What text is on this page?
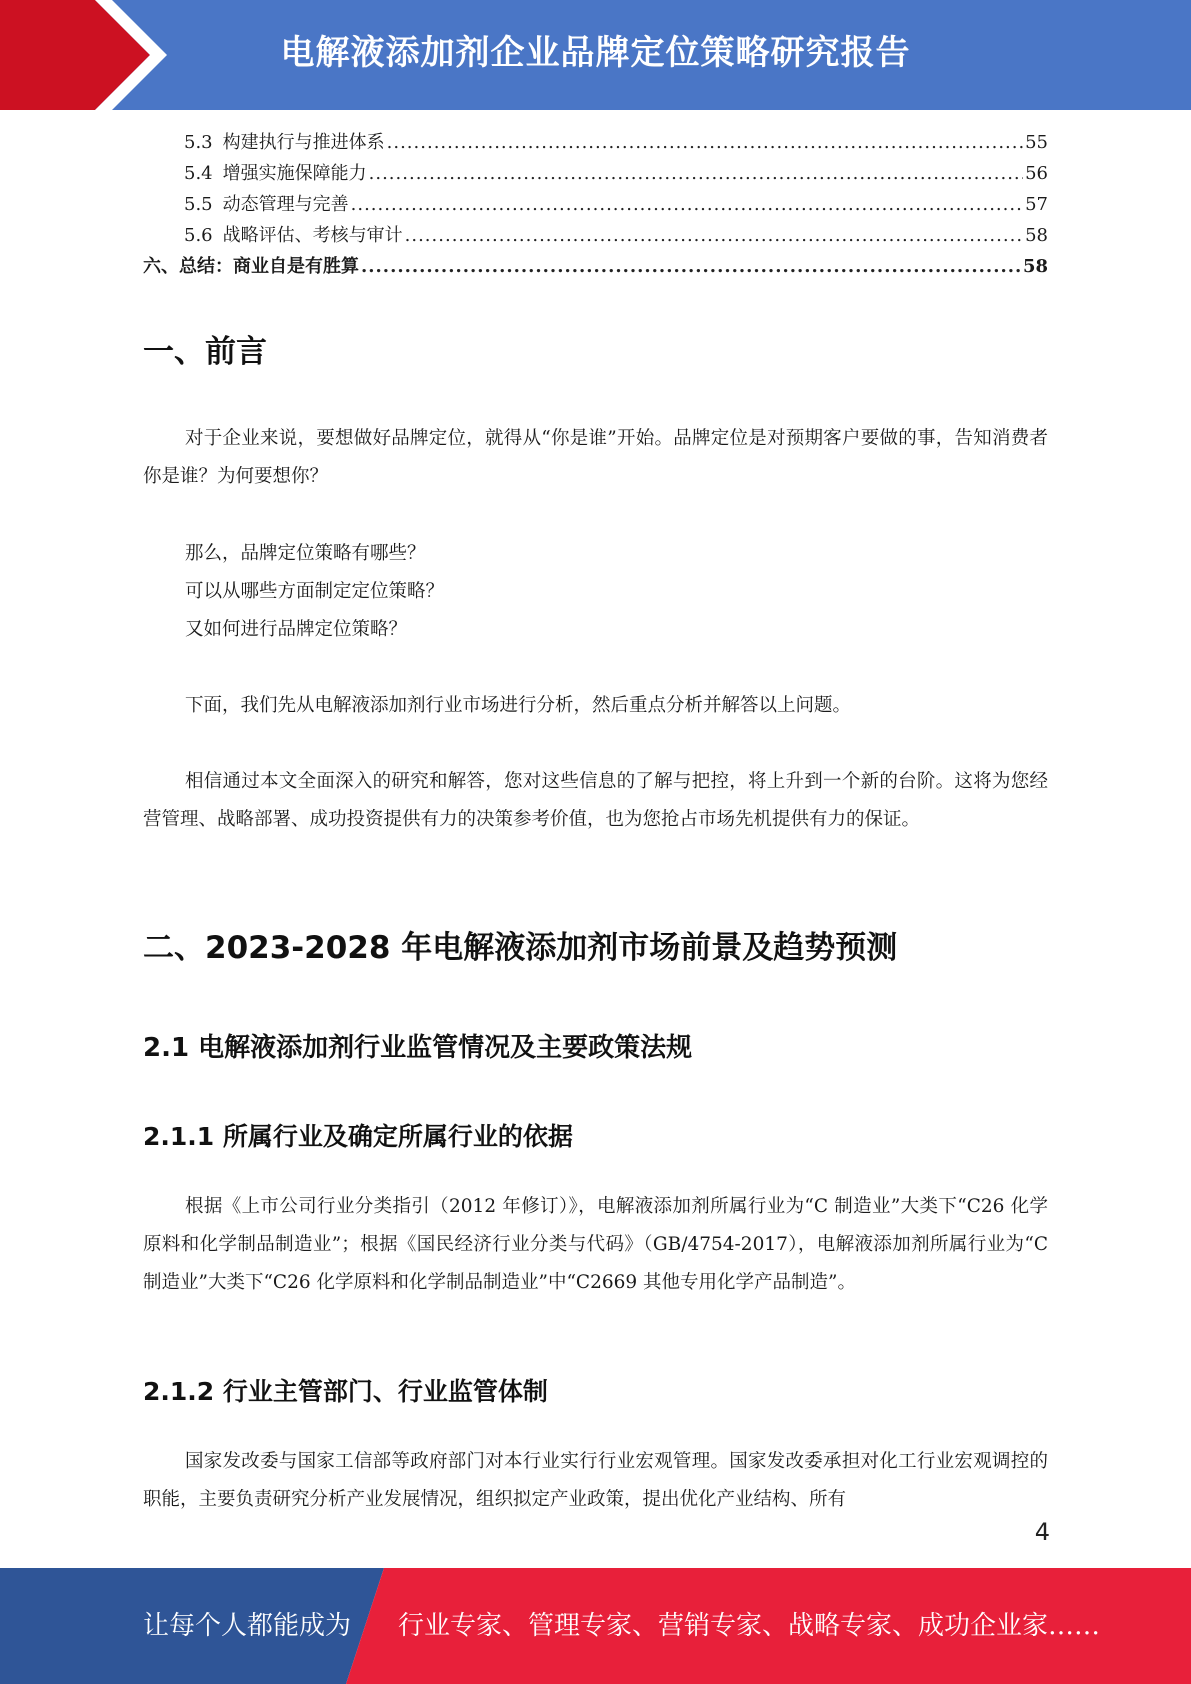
电解液添加剂企业品牌定位策略研究报告
5.3 构建执行与推进体系 .....	55
5.4 增强实施保障能力 .....	56
5.5 动态管理与完善 .....	57
5.6 战略评估、考核与审计 .....	58
六、总结：商业自是有胜算 .....	58
一、前言
对于企业来说，要想做好品牌定位，就得从“你是谁”开始。品牌定位是对预期客户要做的事，告知消费者你是谁？为何要想你？
那么，品牌定位策略有哪些？
可以从哪些方面制定定位策略？
又如何进行品牌定位策略？
下面，我们先从电解液添加剂行业市场进行分析，然后重点分析并解答以上问题。
相信通过本文全面深入的研究和解答，您对这些信息的了解与把控，将上升到一个新的台阶。这将为您经营管理、战略部署、成功投资提供有力的决策参考价值，也为您抢占市场先机提供有力的保证。
二、2023-2028 年电解液添加剂市场前景及趋势预测
2.1 电解液添加剂行业监管情况及主要政策法规
2.1.1 所属行业及确定所属行业的依据
根据《上市公司行业分类指引（2012 年修订）》，电解液添加剂所属行业为“C 制造业”大类下“C26 化学原料和化学制品制造业”；根据《国民经济行业分类与代码》（GB/4754-2017），电解液添加剂所属行业为“C 制造业”大类下“C26 化学原料和化学制品制造业”中“C2669 其他专用化学产品制造”。
2.1.2 行业主管部门、行业监管体制
国家发改委与国家工信部等政府部门对本行业实行行业宏观管理。国家发改委承担对化工行业宏观调控的职能，主要负责研究分析产业发展情况，组织拟定产业政策，提出优化产业结构、所有
4
让每个人都能成为 行业专家、管理专家、营销专家、战略专家、成功企业家……
